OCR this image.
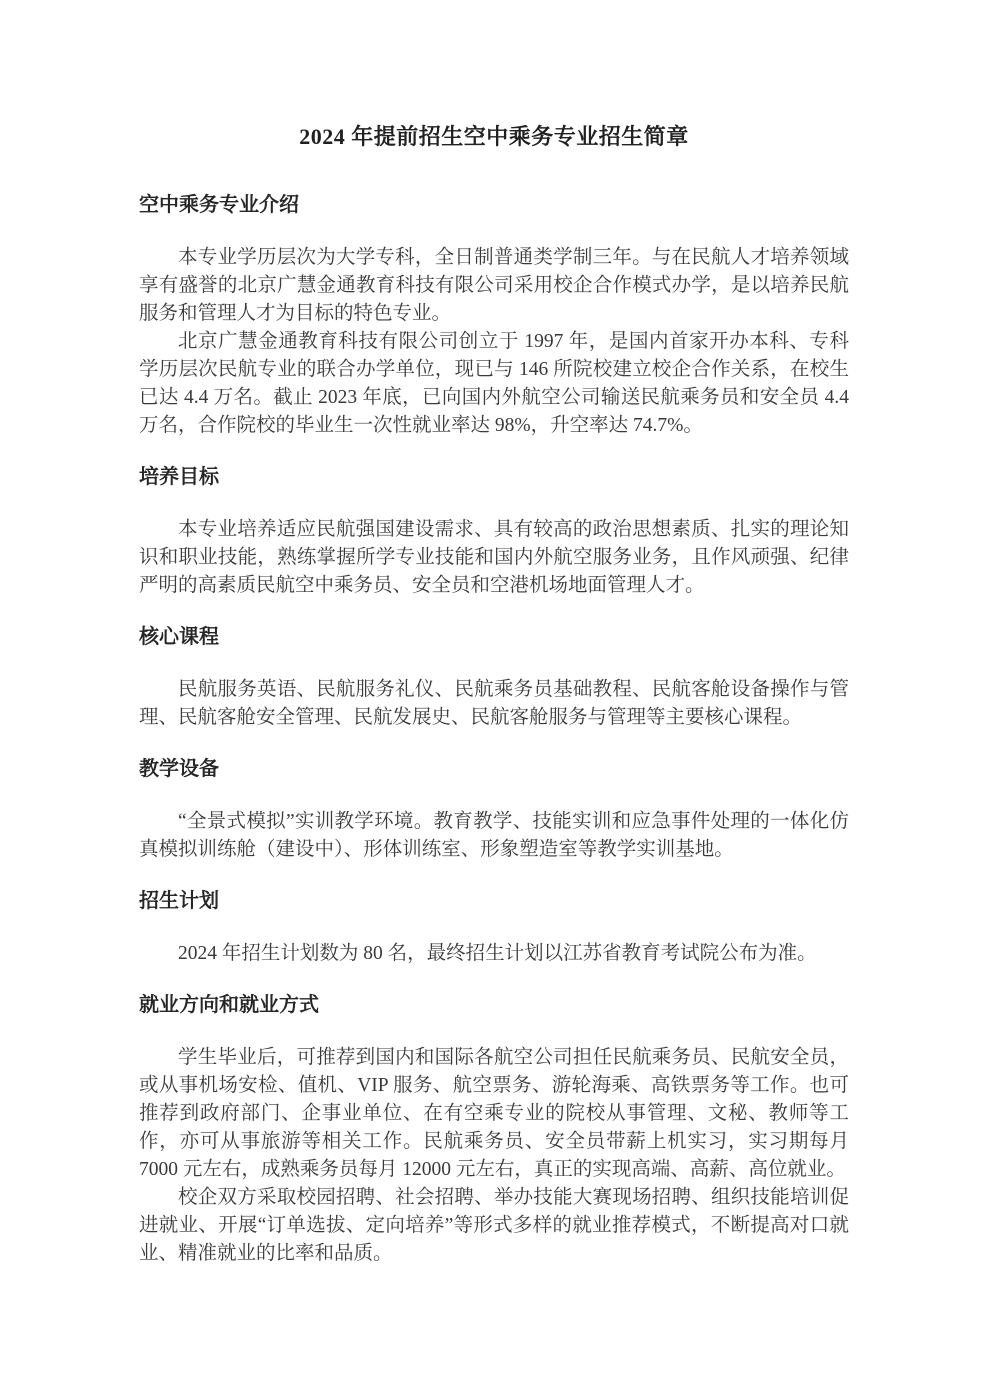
2024 年提前招生空中乘务专业招生简章
空中乘务专业介绍

本专业学历层次为大学专科，全日制普通类学制三年。与在民航人才培养领域享有盛誉的北京广慧金通教育科技有限公司采用校企合作模式办学，是以培养民航服务和管理人才为目标的特色专业。

北京广慧金通教育科技有限公司创立于 1997 年，是国内首家开办本科、专科学历层次民航专业的联合办学单位，现已与 146 所院校建立校企合作关系，在校生已达 4.4 万名。截止 2023 年底，已向国内外航空公司输送民航乘务员和安全员 4.4 万名，合作院校的毕业生一次性就业率达 98%，升空率达 74.7%。

培养目标

本专业培养适应民航强国建设需求、具有较高的政治思想素质、扎实的理论知识和职业技能，熟练掌握所学专业技能和国内外航空服务业务，且作风顽强、纪律严明的高素质民航空中乘务员、安全员和空港机场地面管理人才。

核心课程

民航服务英语、民航服务礼仪、民航乘务员基础教程、民航客舱设备操作与管理、民航客舱安全管理、民航发展史、民航客舱服务与管理等主要核心课程。

教学设备

“全景式模拟”实训教学环境。教育教学、技能实训和应急事件处理的一体化仿真模拟训练舱（建设中）、形体训练室、形象塑造室等教学实训基地。

招生计划

2024 年招生计划数为 80 名，最终招生计划以江苏省教育考试院公布为准。

就业方向和就业方式

学生毕业后，可推荐到国内和国际各航空公司担任民航乘务员、民航安全员，或从事机场安检、值机、VIP 服务、航空票务、游轮海乘、高铁票务等工作。也可推荐到政府部门、企事业单位、在有空乘专业的院校从事管理、文秘、教师等工作，亦可从事旅游等相关工作。民航乘务员、安全员带薪上机实习，实习期每月 7000 元左右，成熟乘务员每月 12000 元左右，真正的实现高端、高薪、高位就业。

校企双方采取校园招聘、社会招聘、举办技能大赛现场招聘、组织技能培训促进就业、开展“订单选拔、定向培养”等形式多样的就业推荐模式，不断提高对口就业、精准就业的比率和品质。
